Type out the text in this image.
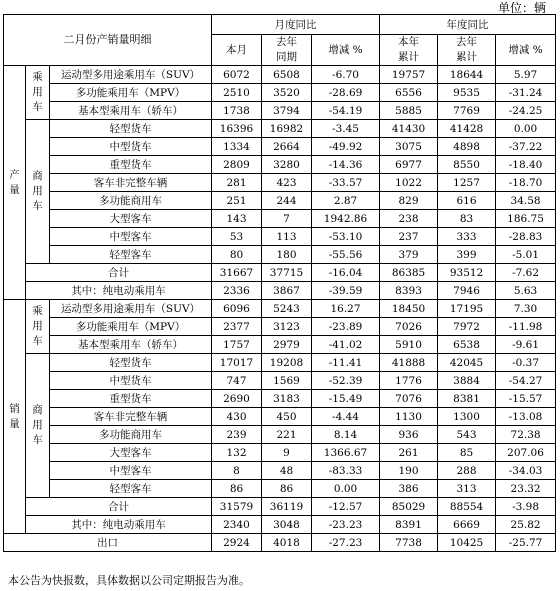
单位：辆
二月份产销量明细			月度同比			年度同比		
			本月	去年同期	增减 %	本年累计	去年累计	增减 %
产量	乘用车	运动型多用途乘用车（SUV）	6072	6508	-6.70	19757	18644	5.97
		多功能乘用车（MPV）	2510	3520	-28.69	6556	9535	-31.24
		基本型乘用车（轿车）	1738	3794	-54.19	5885	7769	-24.25
	商用车	轻型货车	16396	16982	-3.45	41430	41428	0.00
		中型货车	1334	2664	-49.92	3075	4898	-37.22
		重型货车	2809	3280	-14.36	6977	8550	-18.40
		客车非完整车辆	281	423	-33.57	1022	1257	-18.70
		多功能商用车	251	244	2.87	829	616	34.58
		大型客车	143	7	1942.86	238	83	186.75
		中型客车	53	113	-53.10	237	333	-28.83
		轻型客车	80	180	-55.56	379	399	-5.01
	合计		31667	37715	-16.04	86385	93512	-7.62
	其中：纯电动乘用车		2336	3867	-39.59	8393	7946	5.63
销量	乘用车	运动型多用途乘用车（SUV）	6096	5243	16.27	18450	17195	7.30
		多功能乘用车（MPV）	2377	3123	-23.89	7026	7972	-11.98
		基本型乘用车（轿车）	1757	2979	-41.02	5910	6538	-9.61
	商用车	轻型货车	17017	19208	-11.41	41888	42045	-0.37
		中型货车	747	1569	-52.39	1776	3884	-54.27
		重型货车	2690	3183	-15.49	7076	8381	-15.57
		客车非完整车辆	430	450	-4.44	1130	1300	-13.08
		多功能商用车	239	221	8.14	936	543	72.38
		大型客车	132	9	1366.67	261	85	207.06
		中型客车	8	48	-83.33	190	288	-34.03
		轻型客车	86	86	0.00	386	313	23.32
	合计		31579	36119	-12.57	85029	88554	-3.98
	其中：纯电动乘用车		2340	3048	-23.23	8391	6669	25.82
出口			2924	4018	-27.23	7738	10425	-25.77
本公告为快报数，具体数据以公司定期报告为准。
